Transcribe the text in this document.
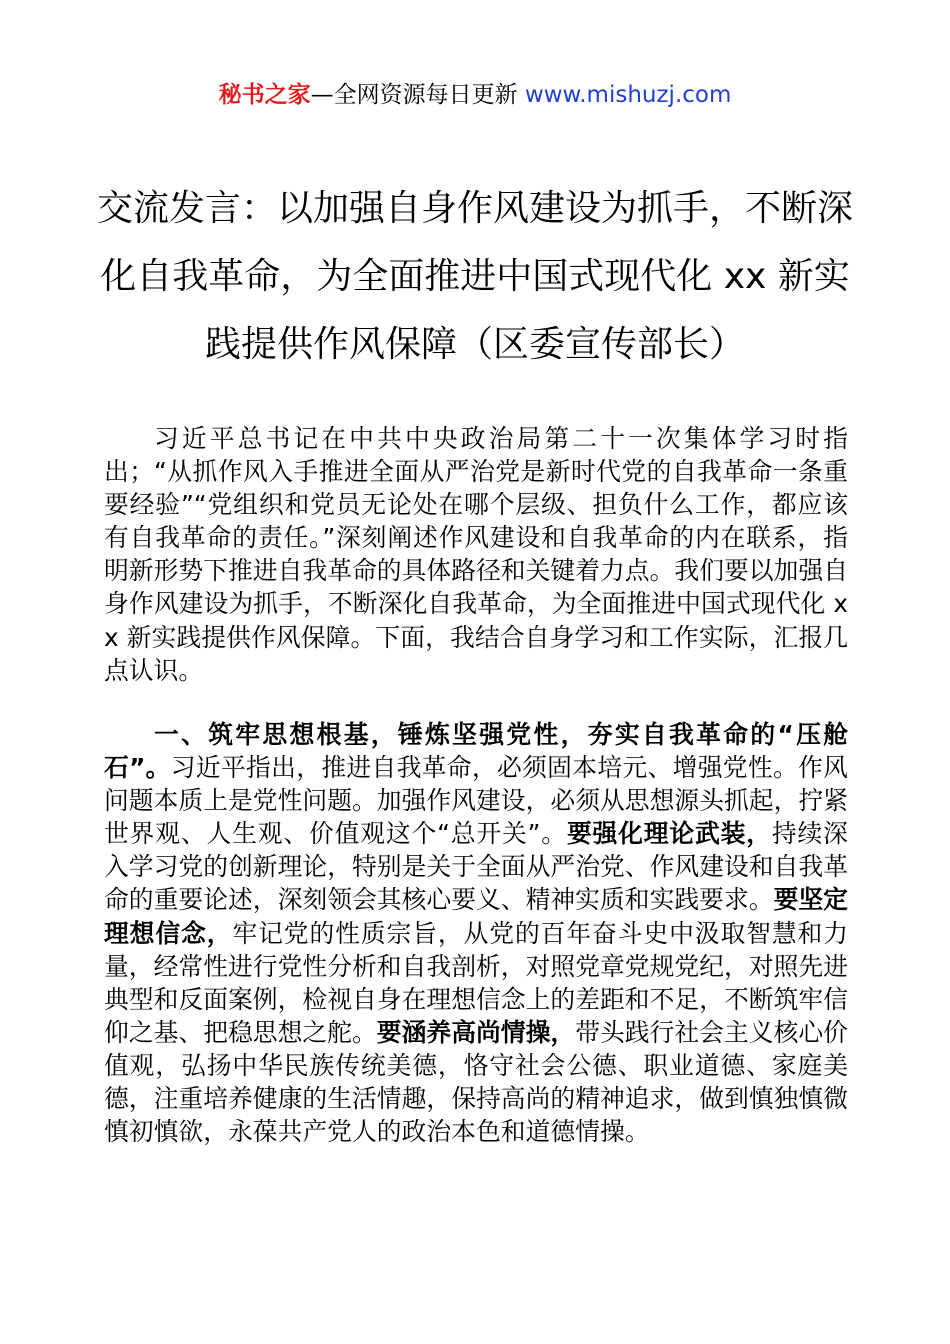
秘书之家—全网资源每日更新 www.mishuzj.com
交流发言：以加强自身作风建设为抓手，不断深
化自我革命，为全面推进中国式现代化 xx 新实
践提供作风保障（区委宣传部长）
习近平总书记在中共中央政治局第二十一次集体学习时指出；“从抓作风入手推进全面从严治党是新时代党的自我革命一条重要经验”“党组织和党员无论处在哪个层级、担负什么工作，都应该有自我革命的责任。”深刻阐述作风建设和自我革命的内在联系，指明新形势下推进自我革命的具体路径和关键着力点。我们要以加强自身作风建设为抓手，不断深化自我革命，为全面推进中国式现代化 xx 新实践提供作风保障。下面，我结合自身学习和工作实际，汇报几点认识。
一、筑牢思想根基，锤炼坚强党性，夯实自我革命的“压舱石”。习近平指出，推进自我革命，必须固本培元、增强党性。作风问题本质上是党性问题。加强作风建设，必须从思想源头抓起，拧紧世界观、人生观、价值观这个“总开关”。要强化理论武装，持续深入学习党的创新理论，特别是关于全面从严治党、作风建设和自我革命的重要论述，深刻领会其核心要义、精神实质和实践要求。要坚定理想信念，牢记党的性质宗旨，从党的百年奋斗史中汲取智慧和力量，经常性进行党性分析和自我剖析，对照党章党规党纪，对照先进典型和反面案例，检视自身在理想信念上的差距和不足，不断筑牢信仰之基、把稳思想之舵。要涵养高尚情操，带头践行社会主义核心价值观，弘扬中华民族传统美德，恪守社会公德、职业道德、家庭美德，注重培养健康的生活情趣，保持高尚的精神追求，做到慎独慎微慎初慎欲，永葆共产党人的政治本色和道德情操。
